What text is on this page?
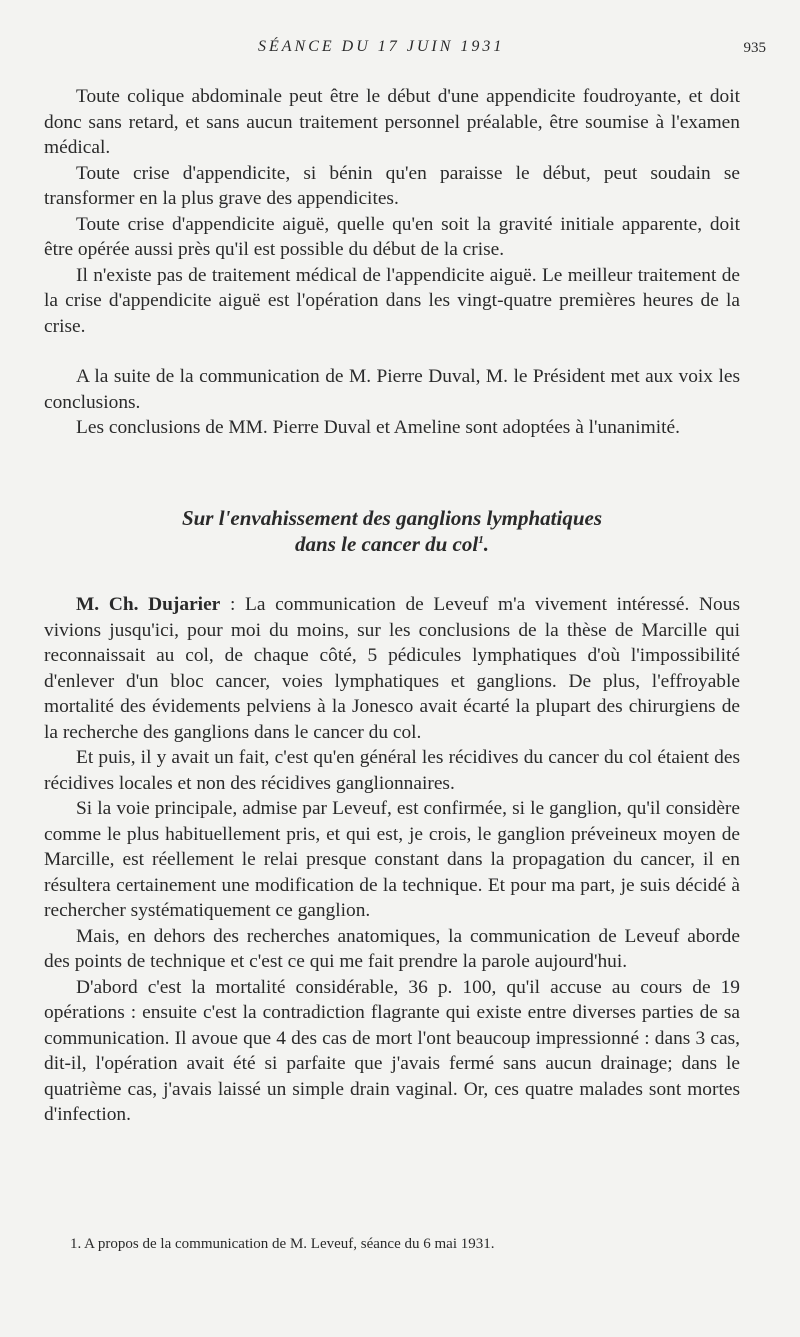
SÉANCE DU 17 JUIN 1931	935

Toute colique abdominale peut être le début d'une appendicite foudroyante, et doit donc sans retard, et sans aucun traitement personnel préalable, être soumise à l'examen médical.

Toute crise d'appendicite, si bénin qu'en paraisse le début, peut soudain se transformer en la plus grave des appendicites.

Toute crise d'appendicite aiguë, quelle qu'en soit la gravité initiale apparente, doit être opérée aussi près qu'il est possible du début de la crise.

Il n'existe pas de traitement médical de l'appendicite aiguë. Le meilleur traitement de la crise d'appendicite aiguë est l'opération dans les vingt-quatre premières heures de la crise.

A la suite de la communication de M. Pierre Duval, M. le Président met aux voix les conclusions.

Les conclusions de MM. Pierre Duval et Ameline sont adoptées à l'unanimité.

Sur l'envahissement des ganglions lymphatiques
dans le cancer du col$^1$.

M. Ch. Dujarier : La communication de Leveuf m'a vivement intéressé. Nous vivions jusqu'ici, pour moi du moins, sur les conclusions de la thèse de Marcille qui reconnaissait au col, de chaque côté, 5 pédicules lymphatiques d'où l'impossibilité d'enlever d'un bloc cancer, voies lymphatiques et ganglions. De plus, l'effroyable mortalité des évidements pelviens à la Jonesco avait écarté la plupart des chirurgiens de la recherche des ganglions dans le cancer du col.

Et puis, il y avait un fait, c'est qu'en général les récidives du cancer du col étaient des récidives locales et non des récidives ganglionnaires.

Si la voie principale, admise par Leveuf, est confirmée, si le ganglion, qu'il considère comme le plus habituellement pris, et qui est, je crois, le ganglion préveineux moyen de Marcille, est réellement le relai presque constant dans la propagation du cancer, il en résultera certainement une modification de la technique. Et pour ma part, je suis décidé à rechercher systématiquement ce ganglion.

Mais, en dehors des recherches anatomiques, la communication de Leveuf aborde des points de technique et c'est ce qui me fait prendre la parole aujourd'hui.

D'abord c'est la mortalité considérable, 36 p. 100, qu'il accuse au cours de 19 opérations : ensuite c'est la contradiction flagrante qui existe entre diverses parties de sa communication. Il avoue que 4 des cas de mort l'ont beaucoup impressionné : dans 3 cas, dit-il, l'opération avait été si parfaite que j'avais fermé sans aucun drainage; dans le quatrième cas, j'avais laissé un simple drain vaginal. Or, ces quatre malades sont mortes d'infection.

1. A propos de la communication de M. Leveuf, séance du 6 mai 1931.
